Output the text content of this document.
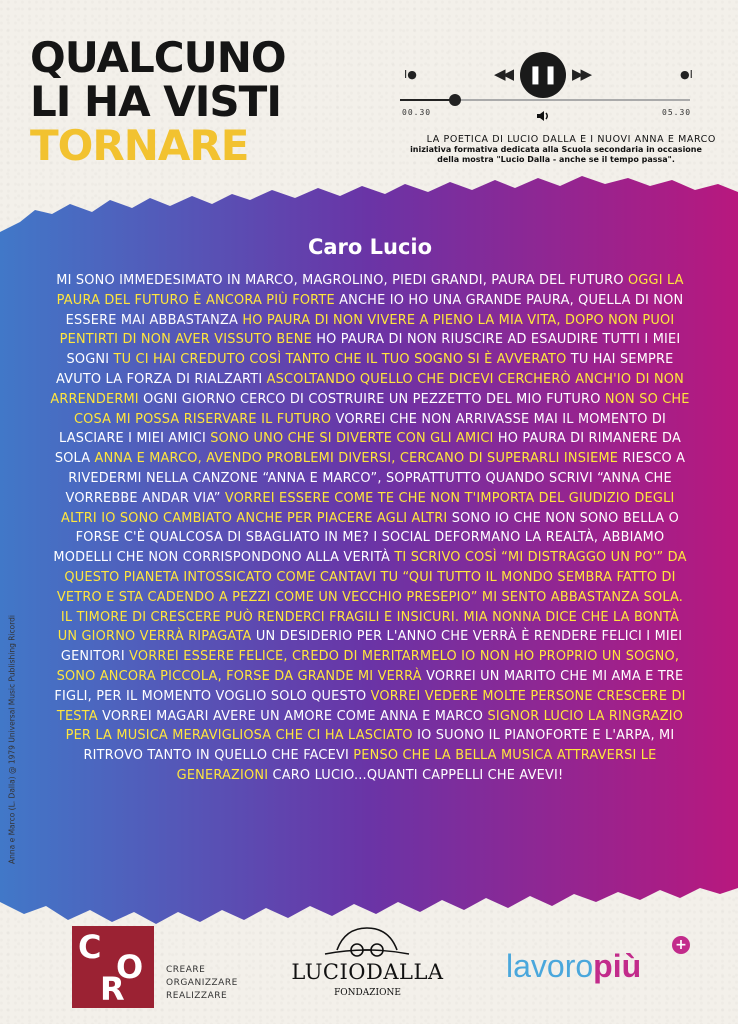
QUALCUNO
LI HA VISTI
TORNARE
I●	◀◀ ❚❚ ▶▶	●I
00.30	05.30
LA POETICA DI LUCIO DALLA E I NUOVI ANNA E MARCO
iniziativa formativa dedicata alla Scuola secondaria in occasione
della mostra "Lucio Dalla - anche se il tempo passa".
Anna e Marco (L. Dalla) @ 1979 Universal Music Publishing Ricordi
Caro Lucio

MI SONO IMMEDESIMATO IN MARCO, MAGROLINO, PIEDI GRANDI, PAURA DEL FUTURO OGGI LA PAURA DEL FUTURO È ANCORA PIÙ FORTE ANCHE IO HO UNA GRANDE PAURA, QUELLA DI NON ESSERE MAI ABBASTANZA HO PAURA DI NON VIVERE A PIENO LA MIA VITA, DOPO NON PUOI PENTIRTI DI NON AVER VISSUTO BENE HO PAURA DI NON RIUSCIRE AD ESAUDIRE TUTTI I MIEI SOGNI TU CI HAI CREDUTO COSÌ TANTO CHE IL TUO SOGNO SI È AVVERATO TU HAI SEMPRE AVUTO LA FORZA DI RIALZARTI ASCOLTANDO QUELLO CHE DICEVI CERCHERÒ ANCH'IO DI NON ARRENDERMI OGNI GIORNO CERCO DI COSTRUIRE UN PEZZETTO DEL MIO FUTURO NON SO CHE COSA MI POSSA RISERVARE IL FUTURO VORREI CHE NON ARRIVASSE MAI IL MOMENTO DI LASCIARE I MIEI AMICI SONO UNO CHE SI DIVERTE CON GLI AMICI HO PAURA DI RIMANERE DA SOLA ANNA E MARCO, AVENDO PROBLEMI DIVERSI, CERCANO DI SUPERARLI INSIEME RIESCO A RIVEDERMI NELLA CANZONE “ANNA E MARCO”, SOPRATTUTTO QUANDO SCRIVI “ANNA CHE VORREBBE ANDAR VIA” VORREI ESSERE COME TE CHE NON T'IMPORTA DEL GIUDIZIO DEGLI ALTRI IO SONO CAMBIATO ANCHE PER PIACERE AGLI ALTRI SONO IO CHE NON SONO BELLA O FORSE C'È QUALCOSA DI SBAGLIATO IN ME? I SOCIAL DEFORMANO LA REALTÀ, ABBIAMO MODELLI CHE NON CORRISPONDONO ALLA VERITÀ TI SCRIVO COSÌ “MI DISTRAGGO UN PO'” DA QUESTO PIANETA INTOSSICATO COME CANTAVI TU “QUI TUTTO IL MONDO SEMBRA FATTO DI VETRO E STA CADENDO A PEZZI COME UN VECCHIO PRESEPIO” MI SENTO ABBASTANZA SOLA. IL TIMORE DI CRESCERE PUÒ RENDERCI FRAGILI E INSICURI. MIA NONNA DICE CHE LA BONTÀ UN GIORNO VERRÀ RIPAGATA UN DESIDERIO PER L'ANNO CHE VERRÀ È RENDERE FELICI I MIEI GENITORI VORREI ESSERE FELICE, CREDO DI MERITARMELO IO NON HO PROPRIO UN SOGNO, SONO ANCORA PICCOLA, FORSE DA GRANDE MI VERRÀ VORREI UN MARITO CHE MI AMA E TRE FIGLI, PER IL MOMENTO VOGLIO SOLO QUESTO VORREI VEDERE MOLTE PERSONE CRESCERE DI TESTA VORREI MAGARI AVERE UN AMORE COME ANNA E MARCO SIGNOR LUCIO LA RINGRAZIO PER LA MUSICA MERAVIGLIOSA CHE CI HA LASCIATO IO SUONO IL PIANOFORTE E L'ARPA, MI RITROVO TANTO IN QUELLO CHE FACEVI PENSO CHE LA BELLA MUSICA ATTRAVERSI LE GENERAZIONI CARO LUCIO...QUANTI CAPPELLI CHE AVEVI!

C
O
R	CREARE
ORGANIZZARE
REALIZZARE
LUCIODALLA
FONDAZIONE
lavoropiù
+
